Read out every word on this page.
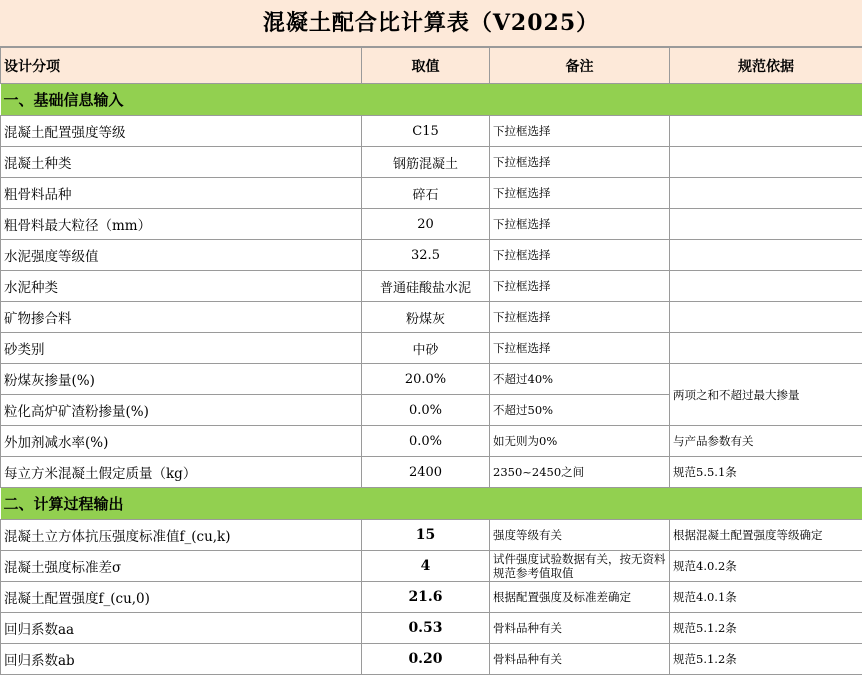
混凝土配合比计算表（V2025）
设计分项	取值	备注	规范依据
一、基础信息输入			
混凝土配置强度等级	C15	下拉框选择	
混凝土种类	钢筋混凝土	下拉框选择	
粗骨料品种	碎石	下拉框选择	
粗骨料最大粒径（mm）	20	下拉框选择	
水泥强度等级值	32.5	下拉框选择	
水泥种类	普通硅酸盐水泥	下拉框选择	
矿物掺合料	粉煤灰	下拉框选择	
砂类别	中砂	下拉框选择	
粉煤灰掺量(%)	20.0%	不超过40%	两项之和不超过最大掺量
粒化高炉矿渣粉掺量(%)	0.0%	不超过50%	
外加剂减水率(%)	0.0%	如无则为0%	与产品参数有关
每立方米混凝土假定质量（kg）	2400	2350~2450之间	规范5.5.1条
二、计算过程输出			
混凝土立方体抗压强度标准值f_(cu,k)	15	强度等级有关	根据混凝土配置强度等级确定
混凝土强度标准差σ	4	试件强度试验数据有关，按无资料规范参考值取值	规范4.0.2条
混凝土配置强度f_(cu,0)	21.6	根据配置强度及标准差确定	规范4.0.1条
回归系数aa	0.53	骨料品种有关	规范5.1.2条
回归系数ab	0.20	骨料品种有关	规范5.1.2条
